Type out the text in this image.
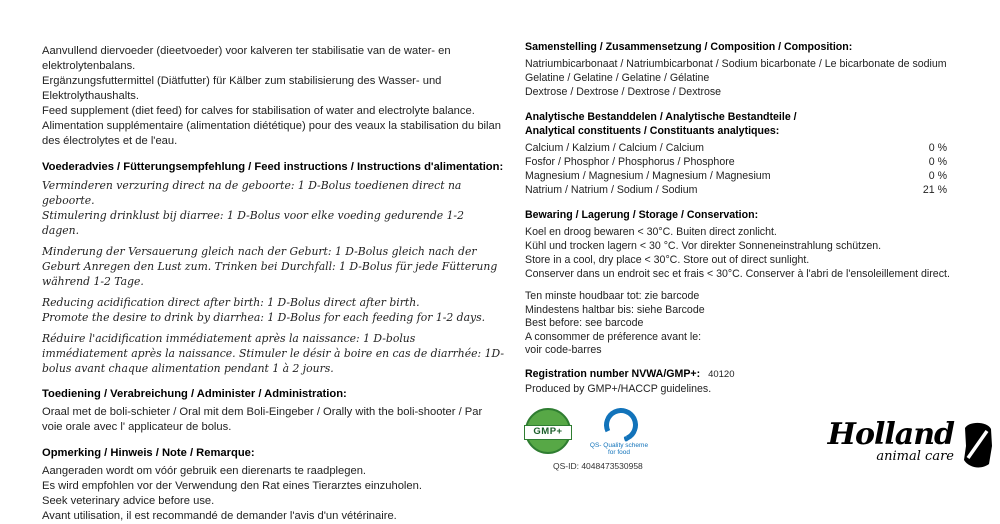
Aanvullend diervoeder (dieetvoeder) voor kalveren ter stabilisatie van de water- en elektrolytenbalans.

Ergänzungsfuttermittel (Diätfutter) für Kälber zum stabilisierung des Wasser- und Elektrolythaushalts.

Feed supplement (diet feed) for calves for stabilisation of water and electrolyte balance.

Alimentation supplémentaire (alimentation diététique) pour des veaux la stabilisation du bilan des électrolytes et de l'eau.

Voederadvies / Fütterungsempfehlung / Feed instructions / Instructions d'alimentation:

Verminderen verzuring direct na de geboorte: 1 D-Bolus toedienen direct na geboorte.

Stimulering drinklust bij diarree: 1 D-Bolus voor elke voeding gedurende 1-2 dagen.

Minderung der Versauerung gleich nach der Geburt: 1 D-Bolus gleich nach der Geburt Anregen den Lust zum. Trinken bei Durchfall: 1 D-Bolus für jede Fütterung während 1-2 Tage.

Reducing acidification direct after birth: 1 D-Bolus direct after birth.

Promote the desire to drink by diarrhea: 1 D-Bolus for each feeding for 1-2 days.

Réduire l'acidification immédiatement après la naissance: 1 D-bolus immédiatement après la naissance. Stimuler le désir à boire en cas de diarrhée: 1D-bolus avant chaque alimentation pendant 1 à 2 jours.

Toediening / Verabreichung / Administer / Administration:

Oraal met de boli-schieter / Oral mit dem Boli-Eingeber / Orally with the boli-shooter / Par voie orale avec l' applicateur de bolus.

Opmerking / Hinweis / Note / Remarque:

Aangeraden wordt om vóór gebruik een dierenarts te raadplegen.

Es wird empfohlen vor der Verwendung den Rat eines Tierarztes einzuholen.

Seek veterinary advice before use.

Avant utilisation, il est recommandé de demander l'avis d'un vétérinaire.

Samenstelling / Zusammensetzung / Composition / Composition:

Natriumbicarbonaat / Natriumbicarbonat / Sodium bicarbonate / Le bicarbonate de sodium

Gelatine / Gelatine / Gelatine / Gélatine

Dextrose / Dextrose / Dextrose / Dextrose

Analytische Bestanddelen / Analytische Bestandteile /

Analytical constituents / Constituants analytiques:

Calcium / Kalzium / Calcium / Calcium	0 %
Fosfor / Phosphor / Phosphorus / Phosphore	0 %
Magnesium / Magnesium / Magnesium / Magnesium	0 %
Natrium / Natrium / Sodium / Sodium	21 %

Bewaring / Lagerung / Storage / Conservation:

Koel en droog bewaren < 30°C. Buiten direct zonlicht.

Kühl und trocken lagern < 30 °C. Vor direkter Sonneneinstrahlung schützen.

Store in a cool, dry place < 30°C. Store out of direct sunlight.

Conserver dans un endroit sec et frais < 30°C. Conserver à l'abri de l'ensoleillement direct.

Ten minste houdbaar tot: zie barcode

Mindestens haltbar bis: siehe Barcode

Best before: see barcode

A consommer de préference avant le:

voir code-barres

Registration number NVWA/GMP+: 40120

Produced by GMP+/HACCP guidelines.

GMP+	✓
QS- Quality scheme for food

QS-ID: 4048473530958

Holland
animal care
